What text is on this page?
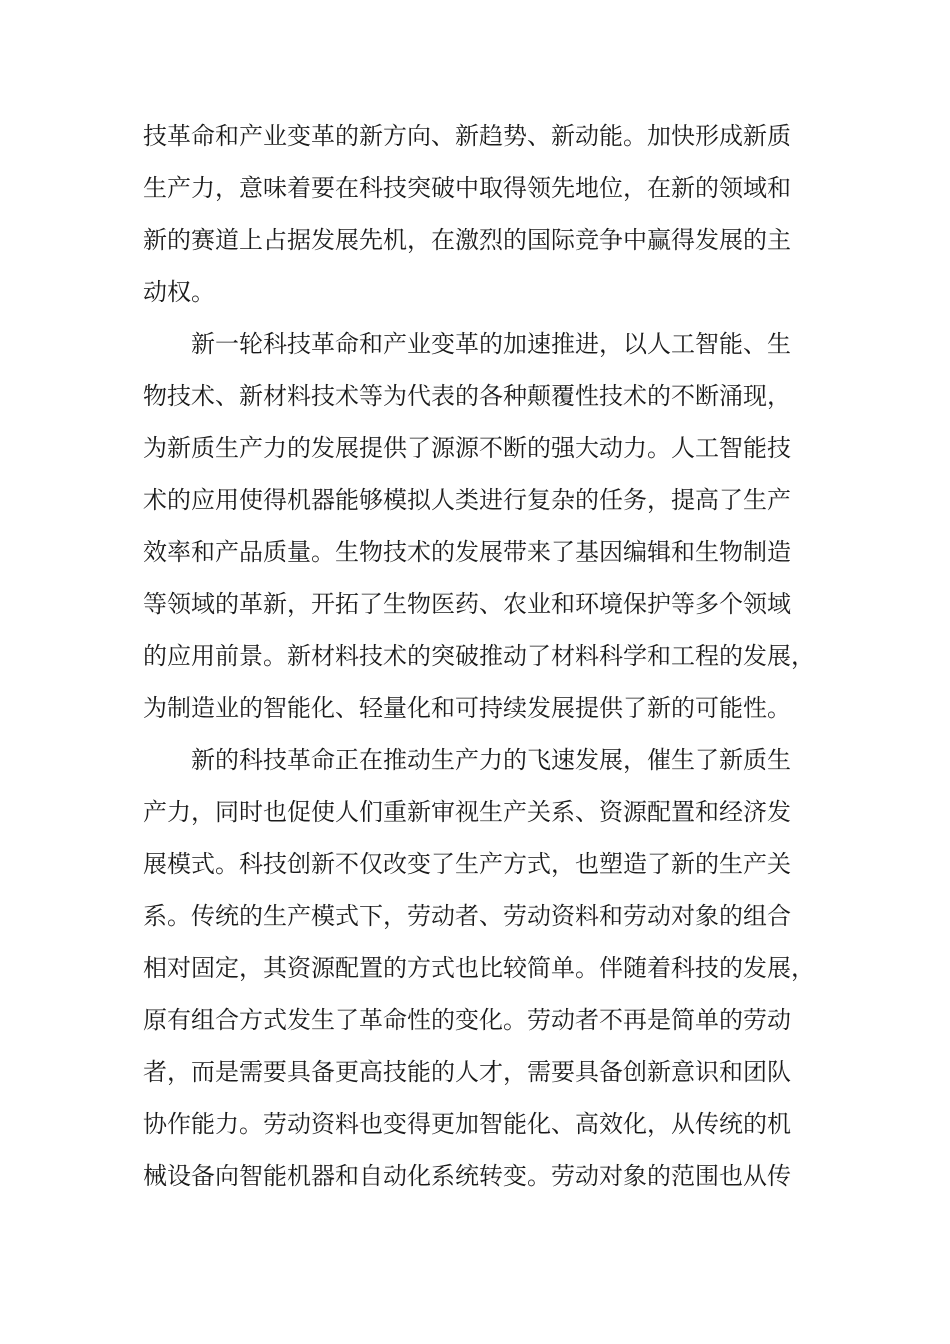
技革命和产业变革的新方向、新趋势、新动能。加快形成新质
生产力，意味着要在科技突破中取得领先地位，在新的领域和
新的赛道上占据发展先机，在激烈的国际竞争中赢得发展的主
动权。
新一轮科技革命和产业变革的加速推进，以人工智能、生
物技术、新材料技术等为代表的各种颠覆性技术的不断涌现，
为新质生产力的发展提供了源源不断的强大动力。人工智能技
术的应用使得机器能够模拟人类进行复杂的任务，提高了生产
效率和产品质量。生物技术的发展带来了基因编辑和生物制造
等领域的革新，开拓了生物医药、农业和环境保护等多个领域
的应用前景。新材料技术的突破推动了材料科学和工程的发展，
为制造业的智能化、轻量化和可持续发展提供了新的可能性。
新的科技革命正在推动生产力的飞速发展，催生了新质生
产力，同时也促使人们重新审视生产关系、资源配置和经济发
展模式。科技创新不仅改变了生产方式，也塑造了新的生产关
系。传统的生产模式下，劳动者、劳动资料和劳动对象的组合
相对固定，其资源配置的方式也比较简单。伴随着科技的发展，
原有组合方式发生了革命性的变化。劳动者不再是简单的劳动
者，而是需要具备更高技能的人才，需要具备创新意识和团队
协作能力。劳动资料也变得更加智能化、高效化，从传统的机
械设备向智能机器和自动化系统转变。劳动对象的范围也从传
